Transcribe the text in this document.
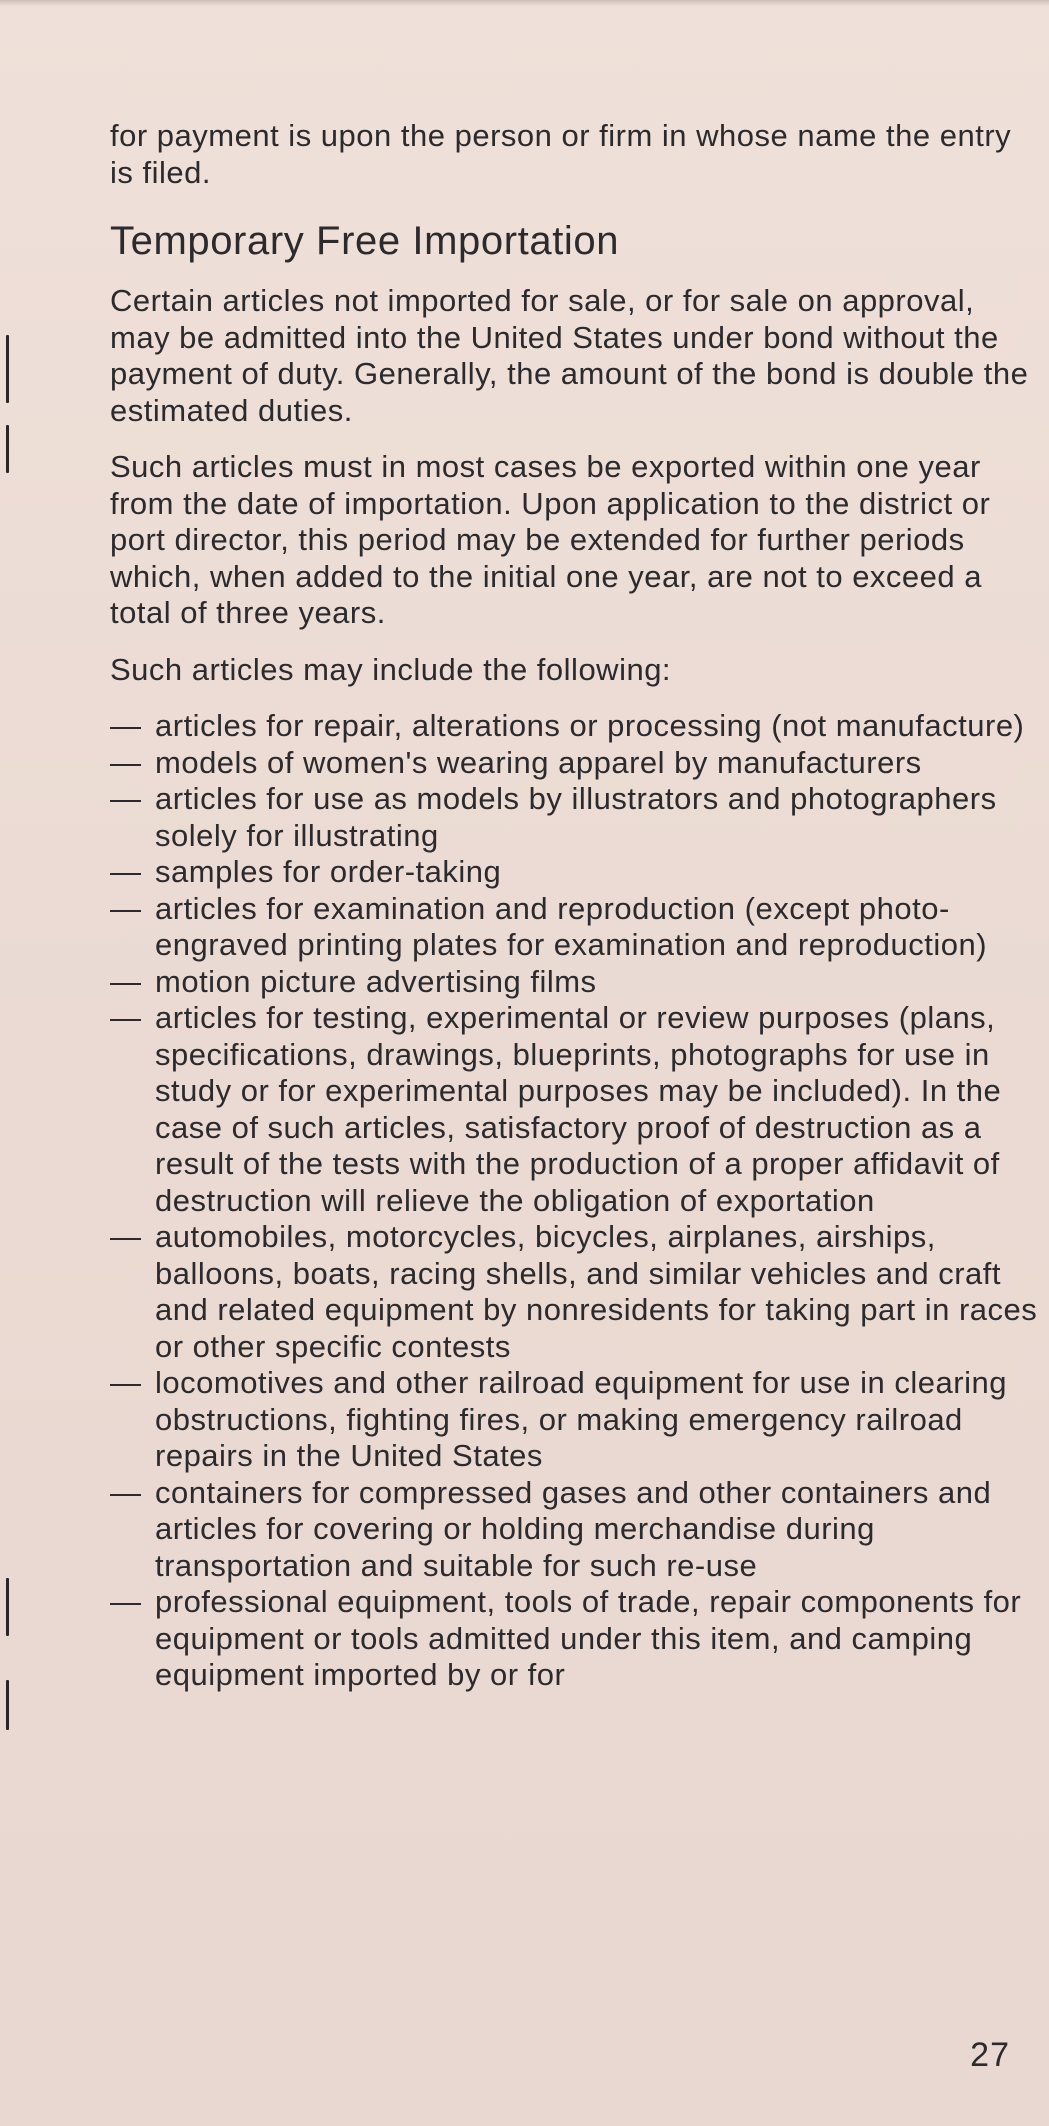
for payment is upon the person or firm in whose name the entry is filed.

Temporary Free Importation

Certain articles not imported for sale, or for sale on approval, may be admitted into the United States under bond without the payment of duty. Generally, the amount of the bond is double the estimated duties.

Such articles must in most cases be exported within one year from the date of importation. Upon application to the district or port director, this period may be extended for further periods which, when added to the initial one year, are not to exceed a total of three years.

Such articles may include the following:

— articles for repair, alterations or processing (not manufacture)
— models of women's wearing apparel by manufacturers
— articles for use as models by illustrators and photographers solely for illustrating
— samples for order-taking
— articles for examination and reproduction (except photo-engraved printing plates for examination and reproduction)
— motion picture advertising films
— articles for testing, experimental or review purposes (plans, specifications, drawings, blueprints, photographs for use in study or for experimental purposes may be included). In the case of such articles, satisfactory proof of destruction as a result of the tests with the production of a proper affidavit of destruction will relieve the obligation of exportation
— automobiles, motorcycles, bicycles, airplanes, airships, balloons, boats, racing shells, and similar vehicles and craft and related equipment by nonresidents for taking part in races or other specific contests
— locomotives and other railroad equipment for use in clearing obstructions, fighting fires, or making emergency railroad repairs in the United States
— containers for compressed gases and other containers and articles for covering or holding merchandise during transportation and suitable for such re-use
— professional equipment, tools of trade, repair components for equipment or tools admitted under this item, and camping equipment imported by or for
27
